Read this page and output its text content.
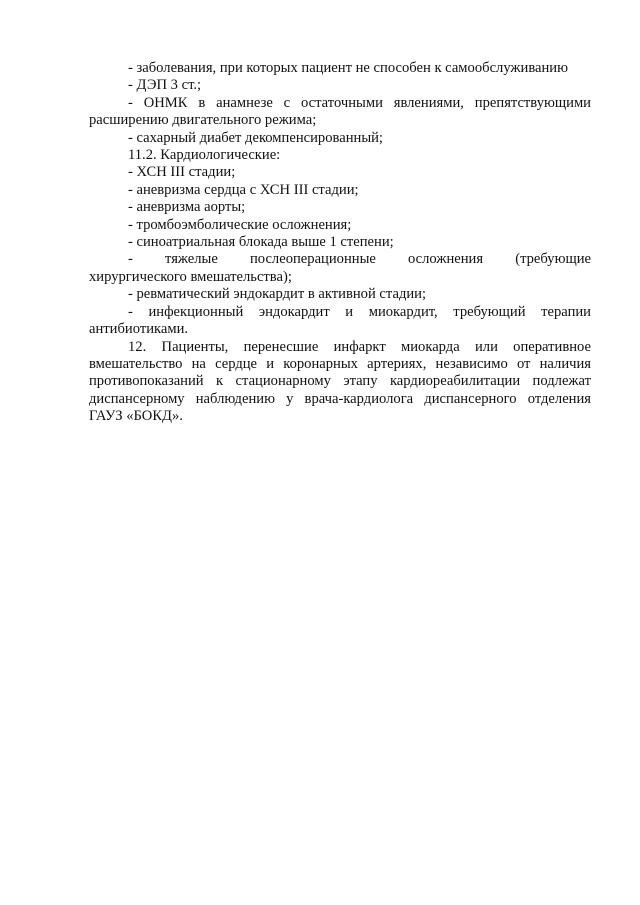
- заболевания, при которых пациент не способен к самообслуживанию
- ДЭП 3 ст.;
- ОНМК в анамнезе с остаточными явлениями, препятствующими
расширению двигательного режима;
- сахарный диабет декомпенсированный;
11.2. Кардиологические:
- ХСН III стадии;
- аневризма сердца с ХСН III стадии;
- аневризма аорты;
- тромбоэмболические осложнения;
- синоатриальная блокада выше 1 степени;
- тяжелые послеоперационные осложнения (требующие
хирургического вмешательства);
- ревматический эндокардит в активной стадии;
- инфекционный эндокардит и миокардит, требующий терапии
антибиотиками.
12. Пациенты, перенесшие инфаркт миокарда или оперативное
вмешательство на сердце и коронарных артериях, независимо от наличия
противопоказаний к стационарному этапу кардиореабилитации подлежат
диспансерному наблюдению у врача-кардиолога диспансерного отделения
ГАУЗ «БОКД».
